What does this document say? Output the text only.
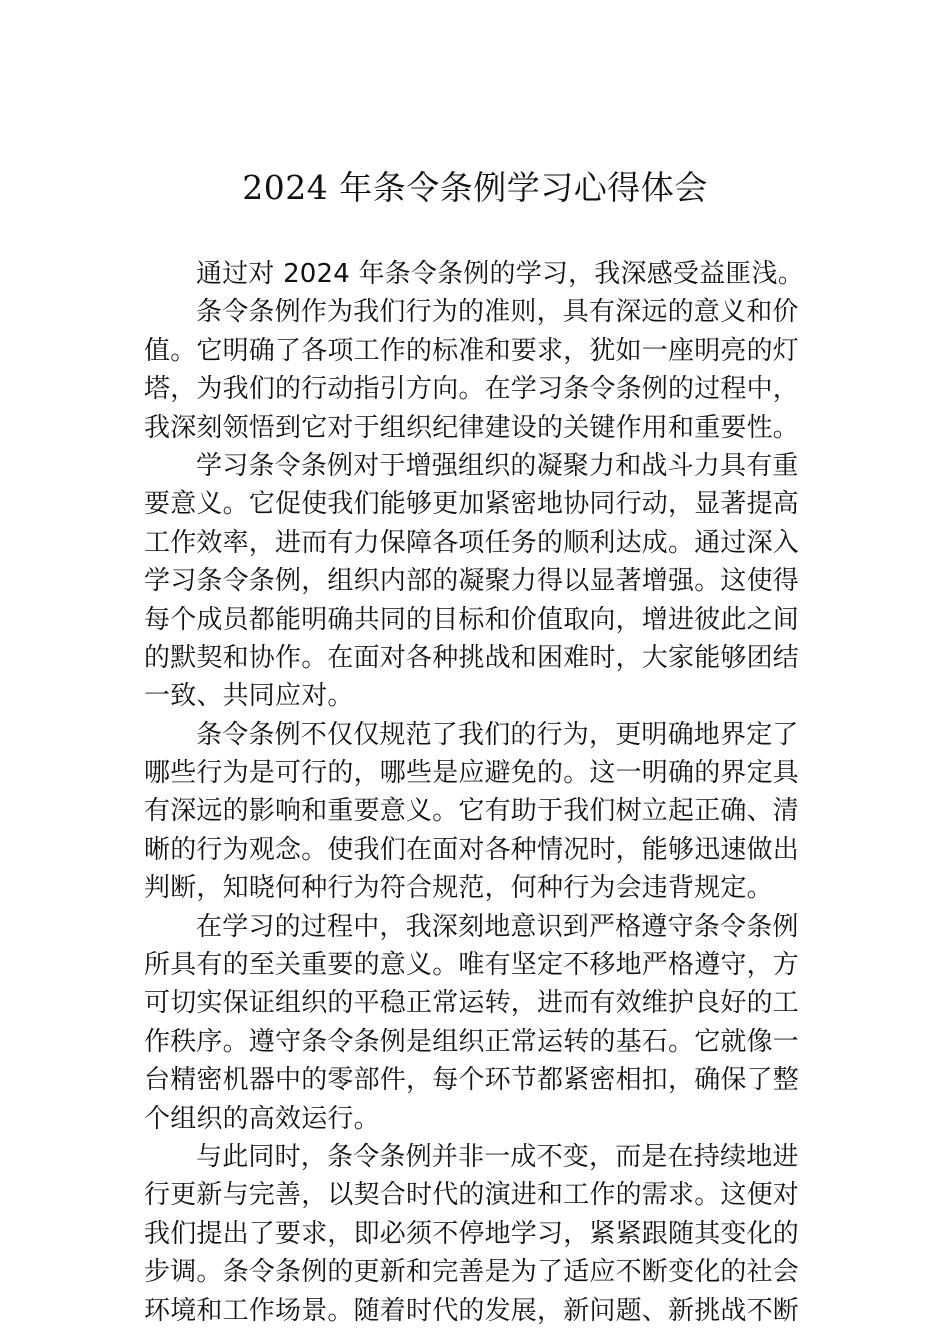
2024 年条令条例学习心得体会
通过对 2024 年条令条例的学习，我深感受益匪浅。
条令条例作为我们行为的准则，具有深远的意义和价
值。它明确了各项工作的标准和要求，犹如一座明亮的灯
塔，为我们的行动指引方向。在学习条令条例的过程中，
我深刻领悟到它对于组织纪律建设的关键作用和重要性。
学习条令条例对于增强组织的凝聚力和战斗力具有重
要意义。它促使我们能够更加紧密地协同行动，显著提高
工作效率，进而有力保障各项任务的顺利达成。通过深入
学习条令条例，组织内部的凝聚力得以显著增强。这使得
每个成员都能明确共同的目标和价值取向，增进彼此之间
的默契和协作。在面对各种挑战和困难时，大家能够团结
一致、共同应对。
条令条例不仅仅规范了我们的行为，更明确地界定了
哪些行为是可行的，哪些是应避免的。这一明确的界定具
有深远的影响和重要意义。它有助于我们树立起正确、清
晰的行为观念。使我们在面对各种情况时，能够迅速做出
判断，知晓何种行为符合规范，何种行为会违背规定。
在学习的过程中，我深刻地意识到严格遵守条令条例
所具有的至关重要的意义。唯有坚定不移地严格遵守，方
可切实保证组织的平稳正常运转，进而有效维护良好的工
作秩序。遵守条令条例是组织正常运转的基石。它就像一
台精密机器中的零部件，每个环节都紧密相扣，确保了整
个组织的高效运行。
与此同时，条令条例并非一成不变，而是在持续地进
行更新与完善，以契合时代的演进和工作的需求。这便对
我们提出了要求，即必须不停地学习，紧紧跟随其变化的
步调。条令条例的更新和完善是为了适应不断变化的社会
环境和工作场景。随着时代的发展，新问题、新挑战不断
